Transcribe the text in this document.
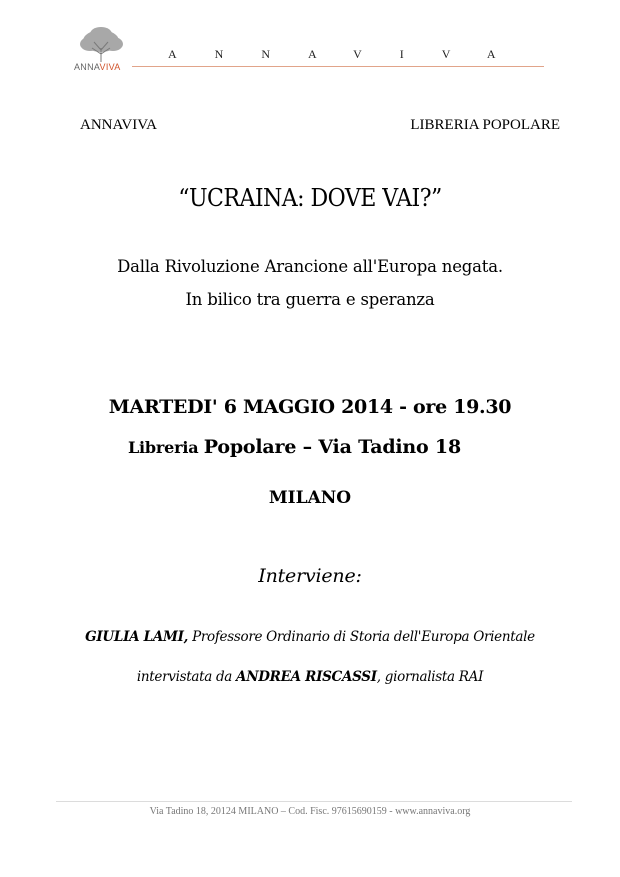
ANNAVIVA
ANNAVIVA
ANNAVIVA	LIBRERIA POPOLARE
“UCRAINA: DOVE VAI?”
Dalla Rivoluzione Arancione all'Europa negata.
In bilico tra guerra e speranza
MARTEDI' 6 MAGGIO 2014 - ore 19.30
Libreria Popolare – Via Tadino 18
MILANO
Interviene:
GIULIA LAMI, Professore Ordinario di Storia dell'Europa Orientale
intervistata da ANDREA RISCASSI, giornalista RAI
Via Tadino 18, 20124 MILANO – Cod. Fisc. 97615690159 - www.annaviva.org
